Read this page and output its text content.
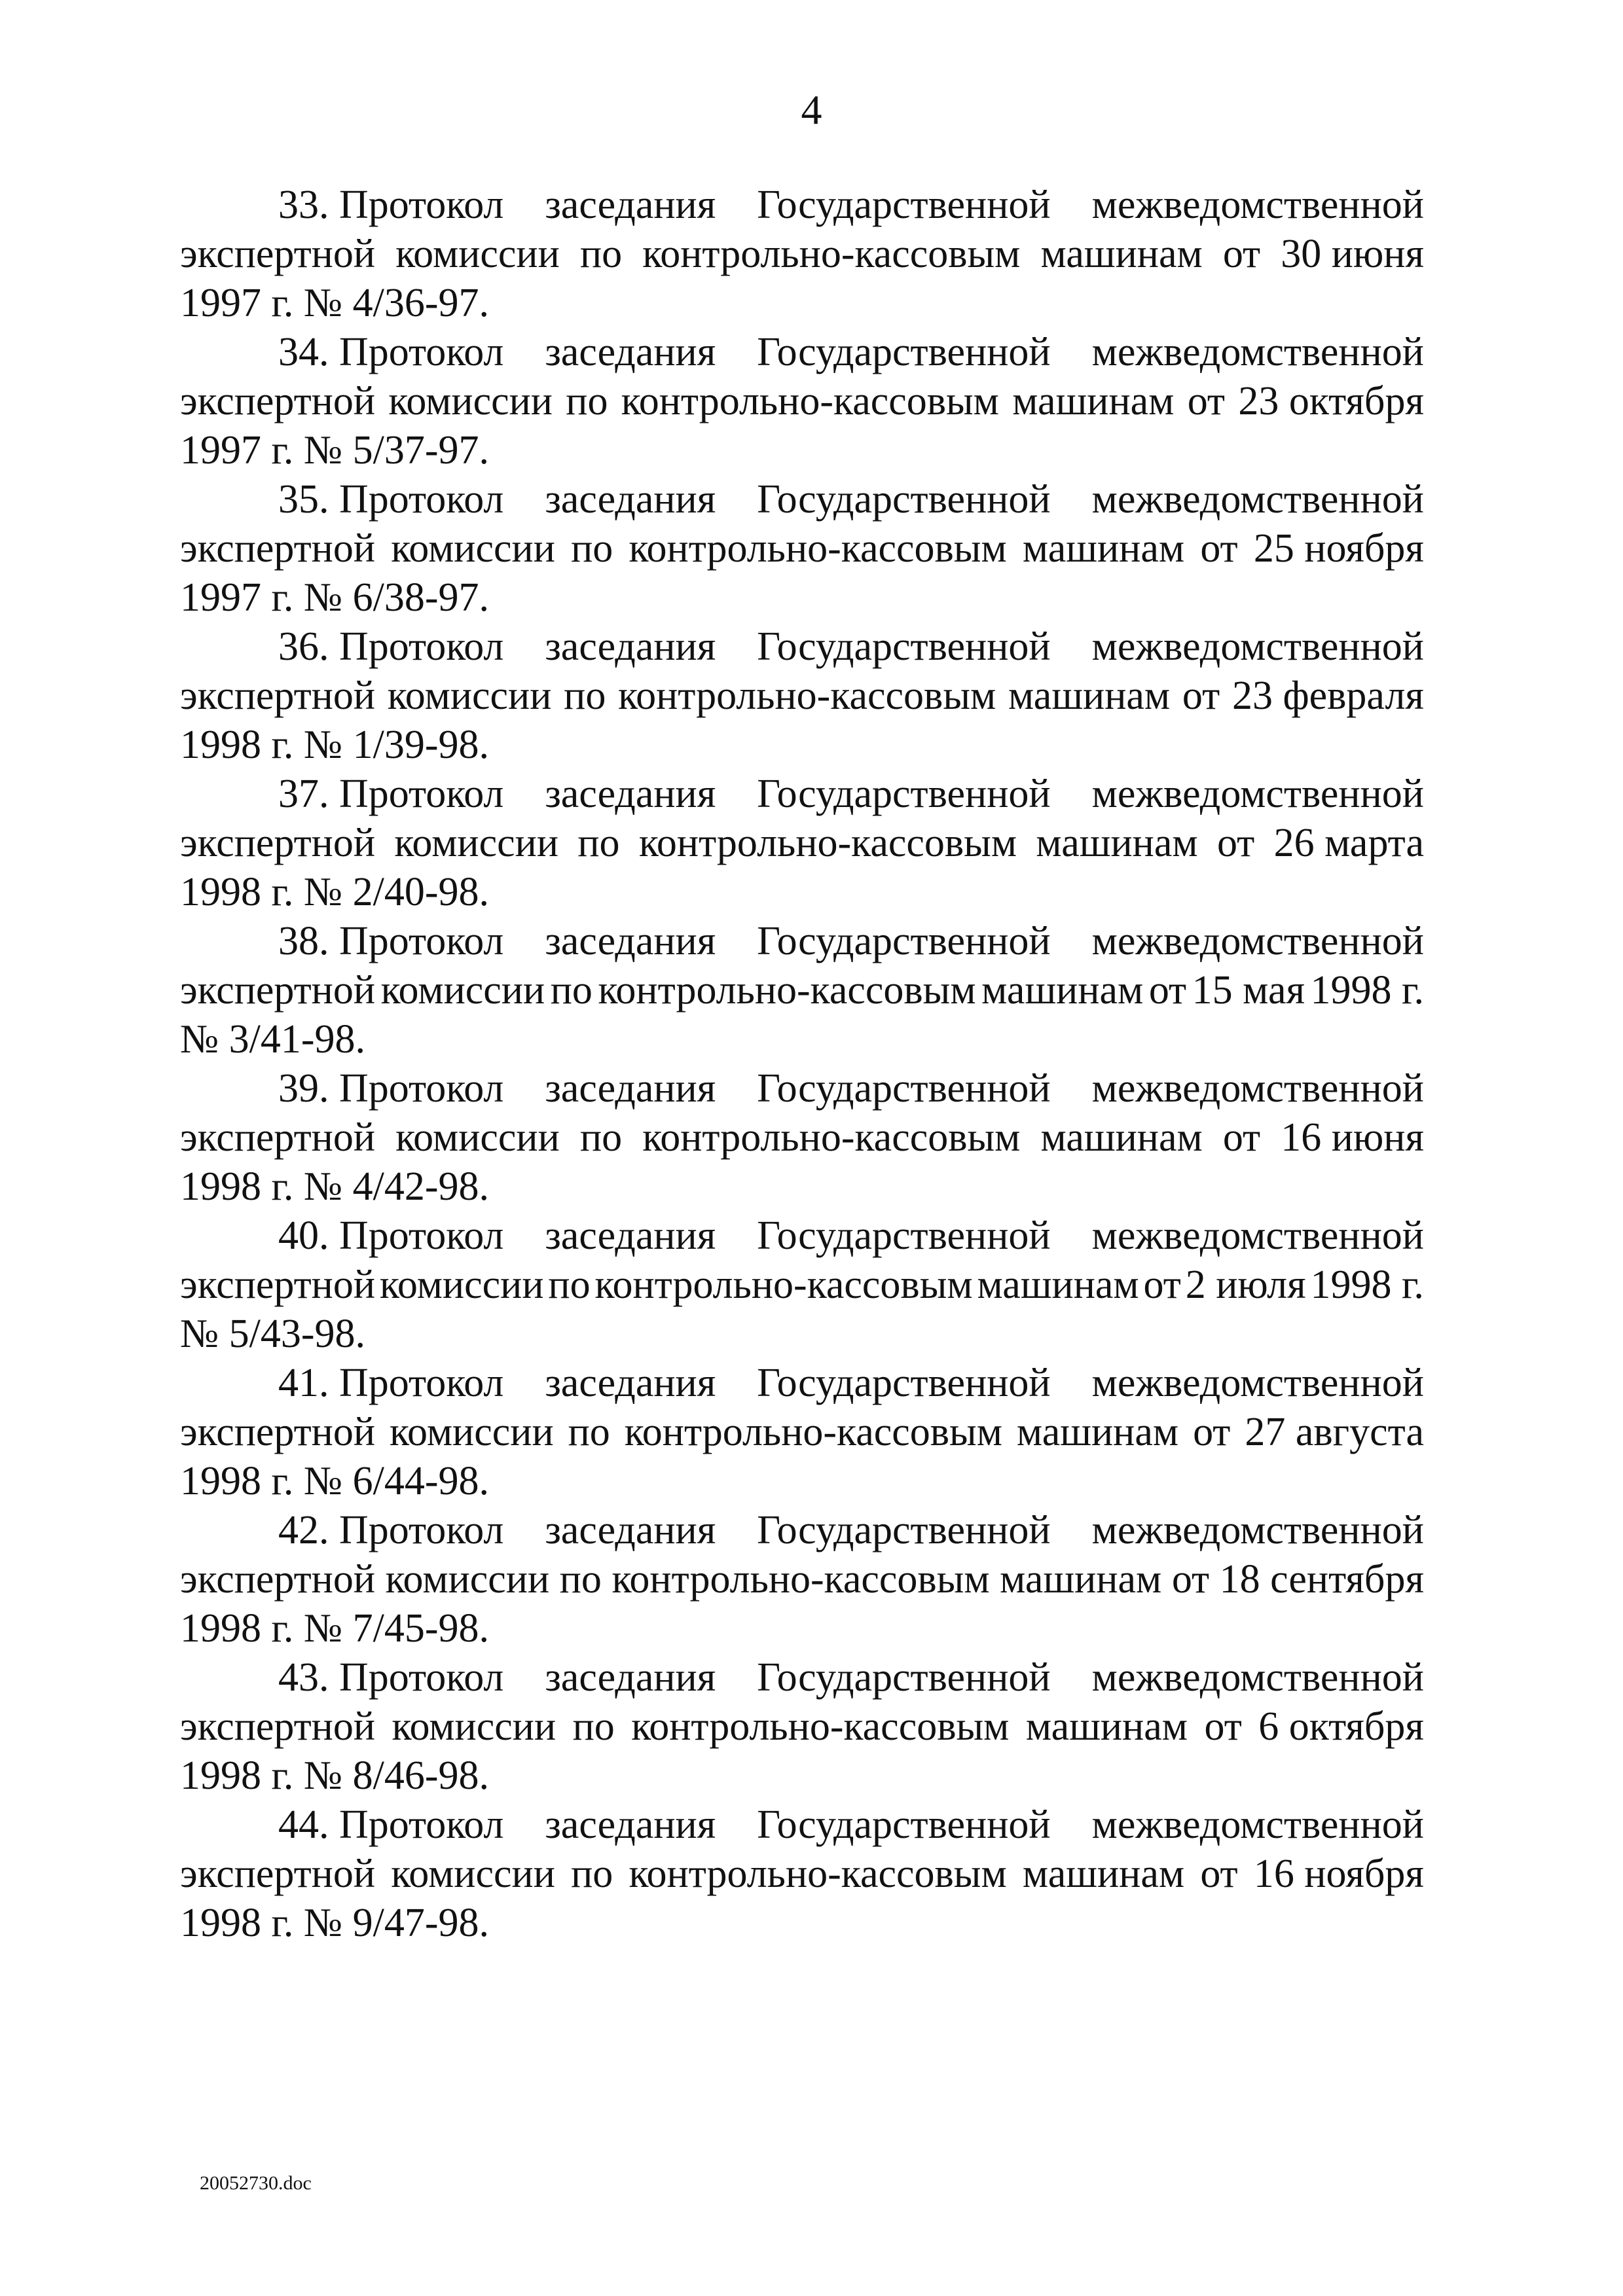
4
33. Протокол заседания Государственной межведомственной
экспертной комиссии по контрольно-кассовым машинам от 30 июня
1997 г. № 4/36-97.
34. Протокол заседания Государственной межведомственной
экспертной комиссии по контрольно-кассовым машинам от 23 октября
1997 г. № 5/37-97.
35. Протокол заседания Государственной межведомственной
экспертной комиссии по контрольно-кассовым машинам от 25 ноября
1997 г. № 6/38-97.
36. Протокол заседания Государственной межведомственной
экспертной комиссии по контрольно-кассовым машинам от 23 февраля
1998 г. № 1/39-98.
37. Протокол заседания Государственной межведомственной
экспертной комиссии по контрольно-кассовым машинам от 26 марта
1998 г. № 2/40-98.
38. Протокол заседания Государственной межведомственной
экспертной комиссии по контрольно-кассовым машинам от 15 мая 1998 г.
№ 3/41-98.
39. Протокол заседания Государственной межведомственной
экспертной комиссии по контрольно-кассовым машинам от 16 июня
1998 г. № 4/42-98.
40. Протокол заседания Государственной межведомственной
экспертной комиссии по контрольно-кассовым машинам от 2 июля 1998 г.
№ 5/43-98.
41. Протокол заседания Государственной межведомственной
экспертной комиссии по контрольно-кассовым машинам от 27 августа
1998 г. № 6/44-98.
42. Протокол заседания Государственной межведомственной
экспертной комиссии по контрольно-кассовым машинам от 18 сентября
1998 г. № 7/45-98.
43. Протокол заседания Государственной межведомственной
экспертной комиссии по контрольно-кассовым машинам от 6 октября
1998 г. № 8/46-98.
44. Протокол заседания Государственной межведомственной
экспертной комиссии по контрольно-кассовым машинам от 16 ноября
1998 г. № 9/47-98.
20052730.doc
